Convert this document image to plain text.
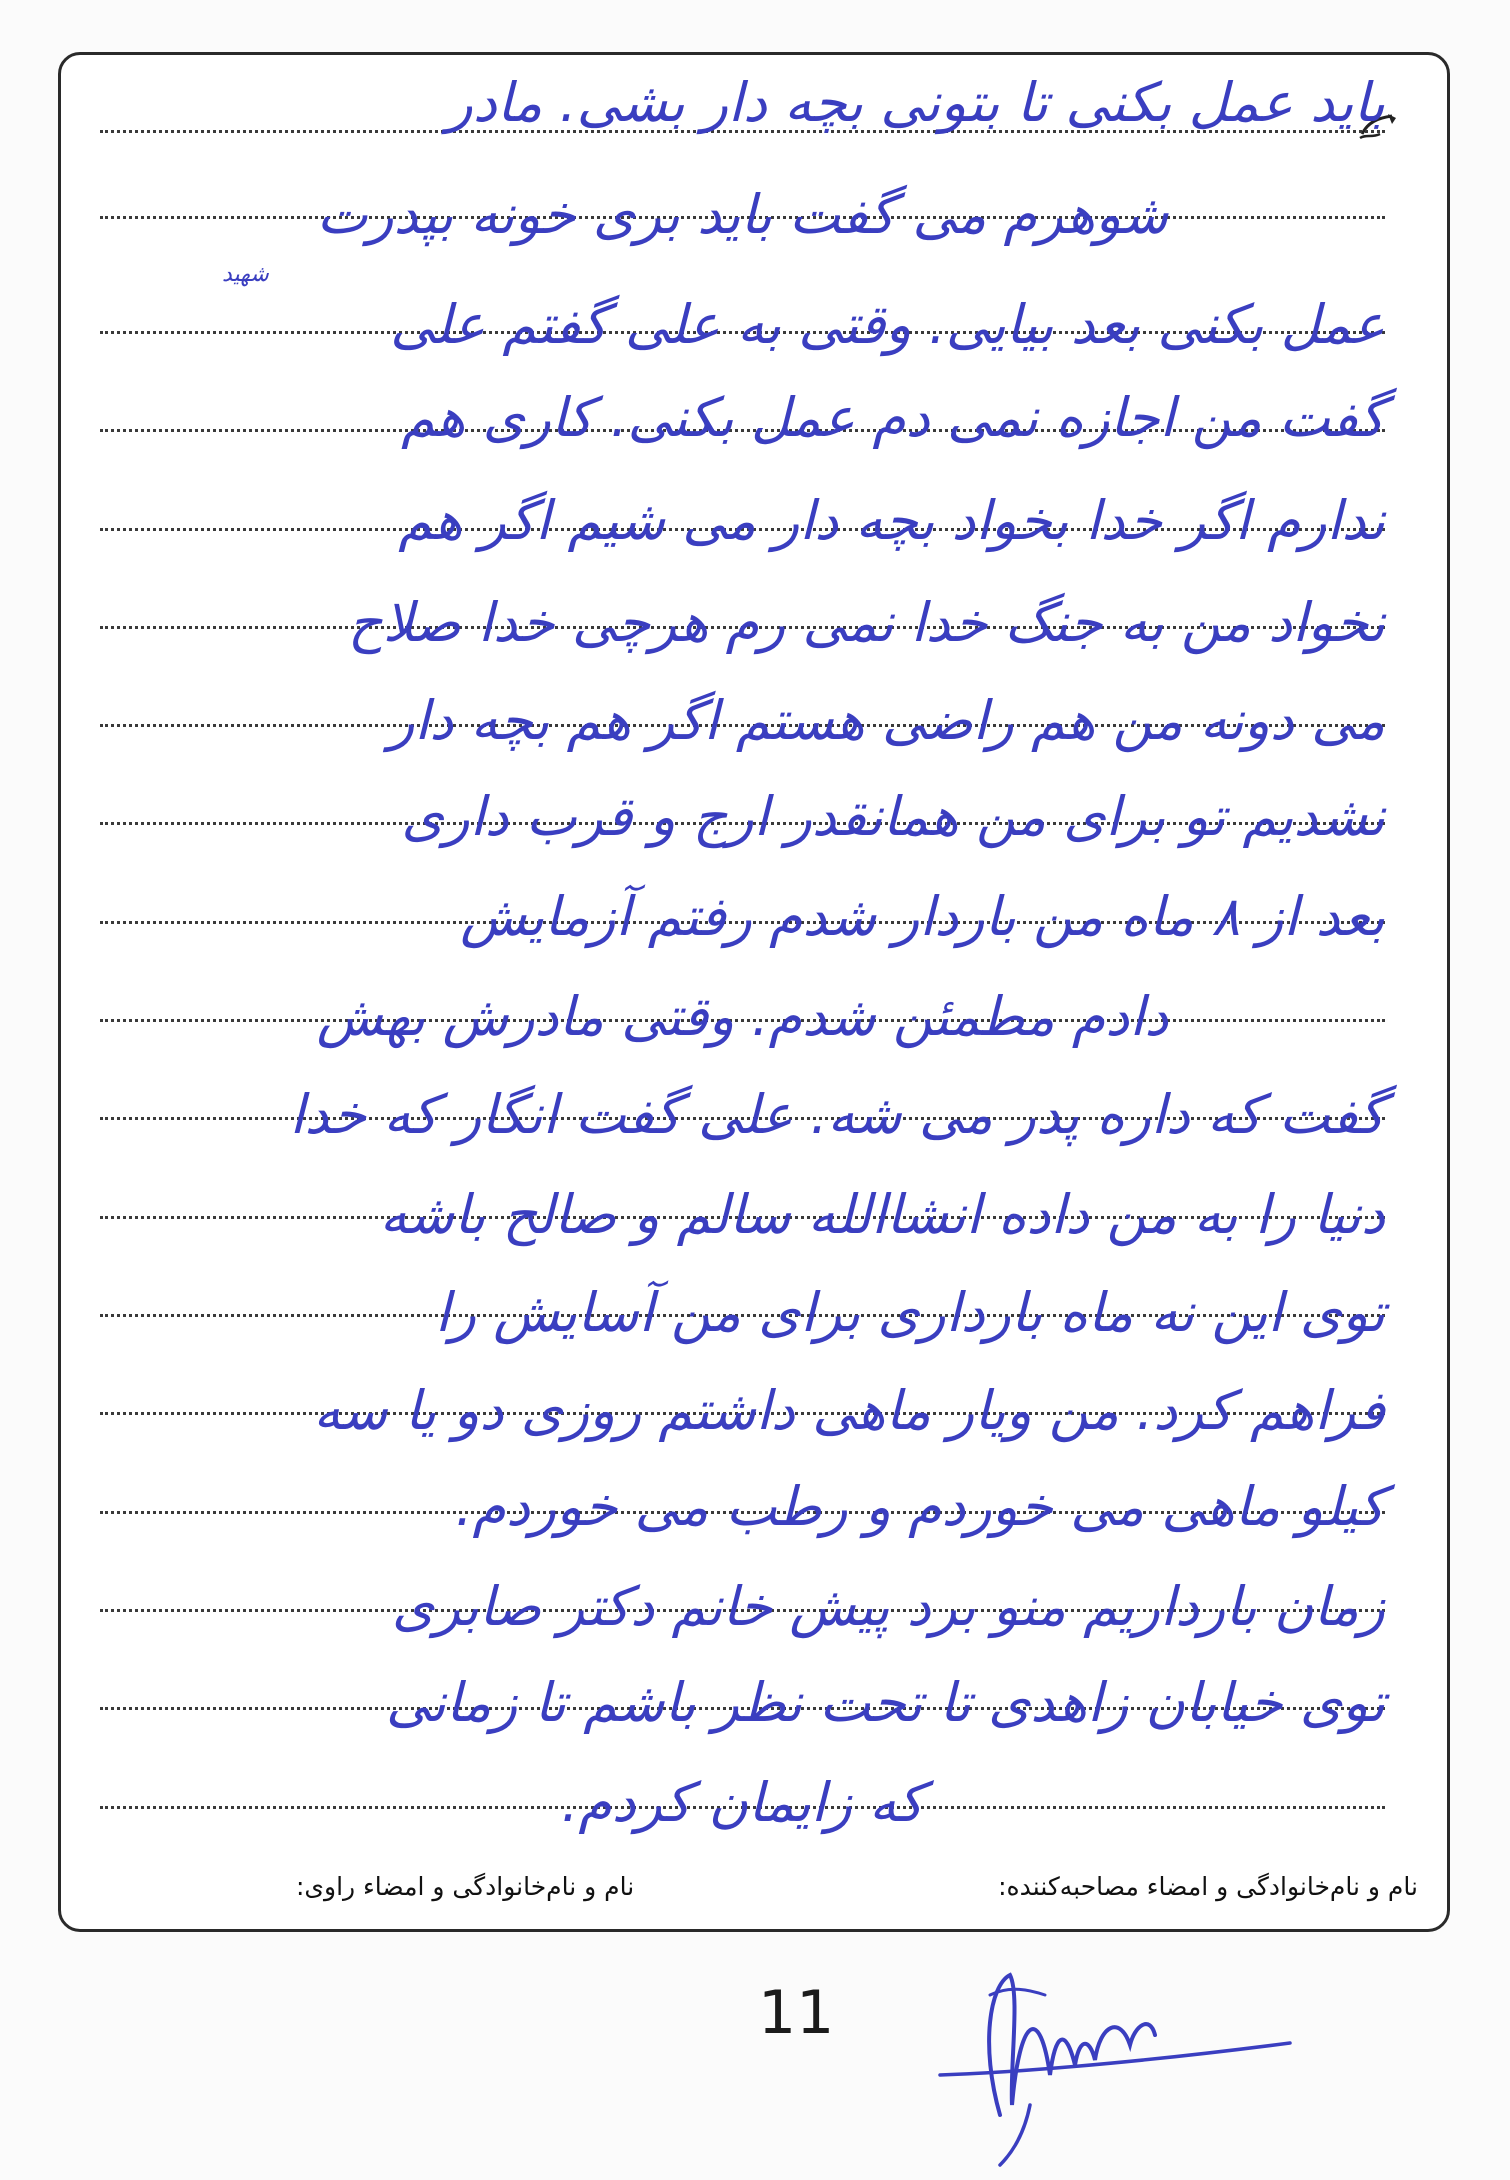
باید عمل بکنی تا بتونی بچه دار بشی. مادر
شوهرم می گفت باید بری خونه بپدرت
عمل بکنی بعد بیایی. وقتی به علی گفتم علی
گفت من اجازه نمی دم عمل بکنی. کاری هم
ندارم اگر خدا بخواد بچه دار می شیم اگر هم
نخواد من به جنگ خدا نمی رم هرچی خدا صلاح
می دونه من هم راضی هستم اگر هم بچه دار
نشدیم تو برای من همانقدر ارج و قرب داری
بعد از ۸ ماه من باردار شدم رفتم آزمایش
دادم مطمئن شدم. وقتی مادرش بهش
گفت که داره پدر می شه. علی گفت انگار که خدا
دنیا را به من داده انشاالله سالم و صالح باشه
توی این نه ماه بارداری برای من آسایش را
فراهم کرد. من ویار ماهی داشتم روزی دو یا سه
کیلو ماهی می خوردم و رطب می خوردم.
زمان بارداریم منو برد پیش خانم دکتر صابری
توی خیابان زاهدی تا تحت نظر باشم تا زمانی
که زایمان کردم.
شهید
نام و نام‌خانوادگی و امضاء مصاحبه‌کننده:
نام و نام‌خانوادگی و امضاء راوی:
11
